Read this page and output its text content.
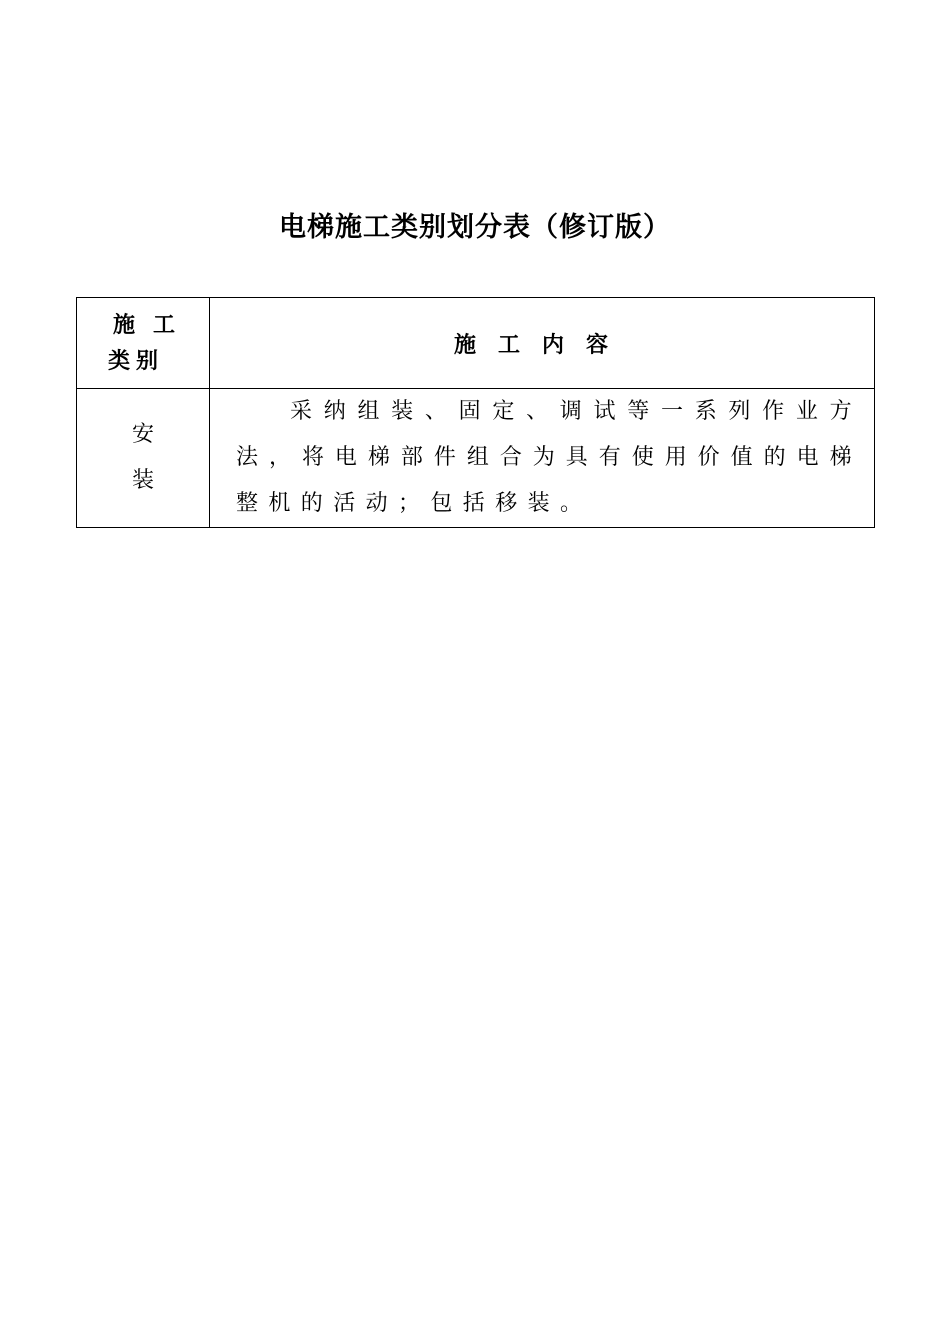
电梯施工类别划分表（修订版）
施工
类别	施工内容

安
装	采纳组装、固定、调试等一系列作业方法，将电梯部件组合为具有使用价值的电梯整机的活动；包括移装。
